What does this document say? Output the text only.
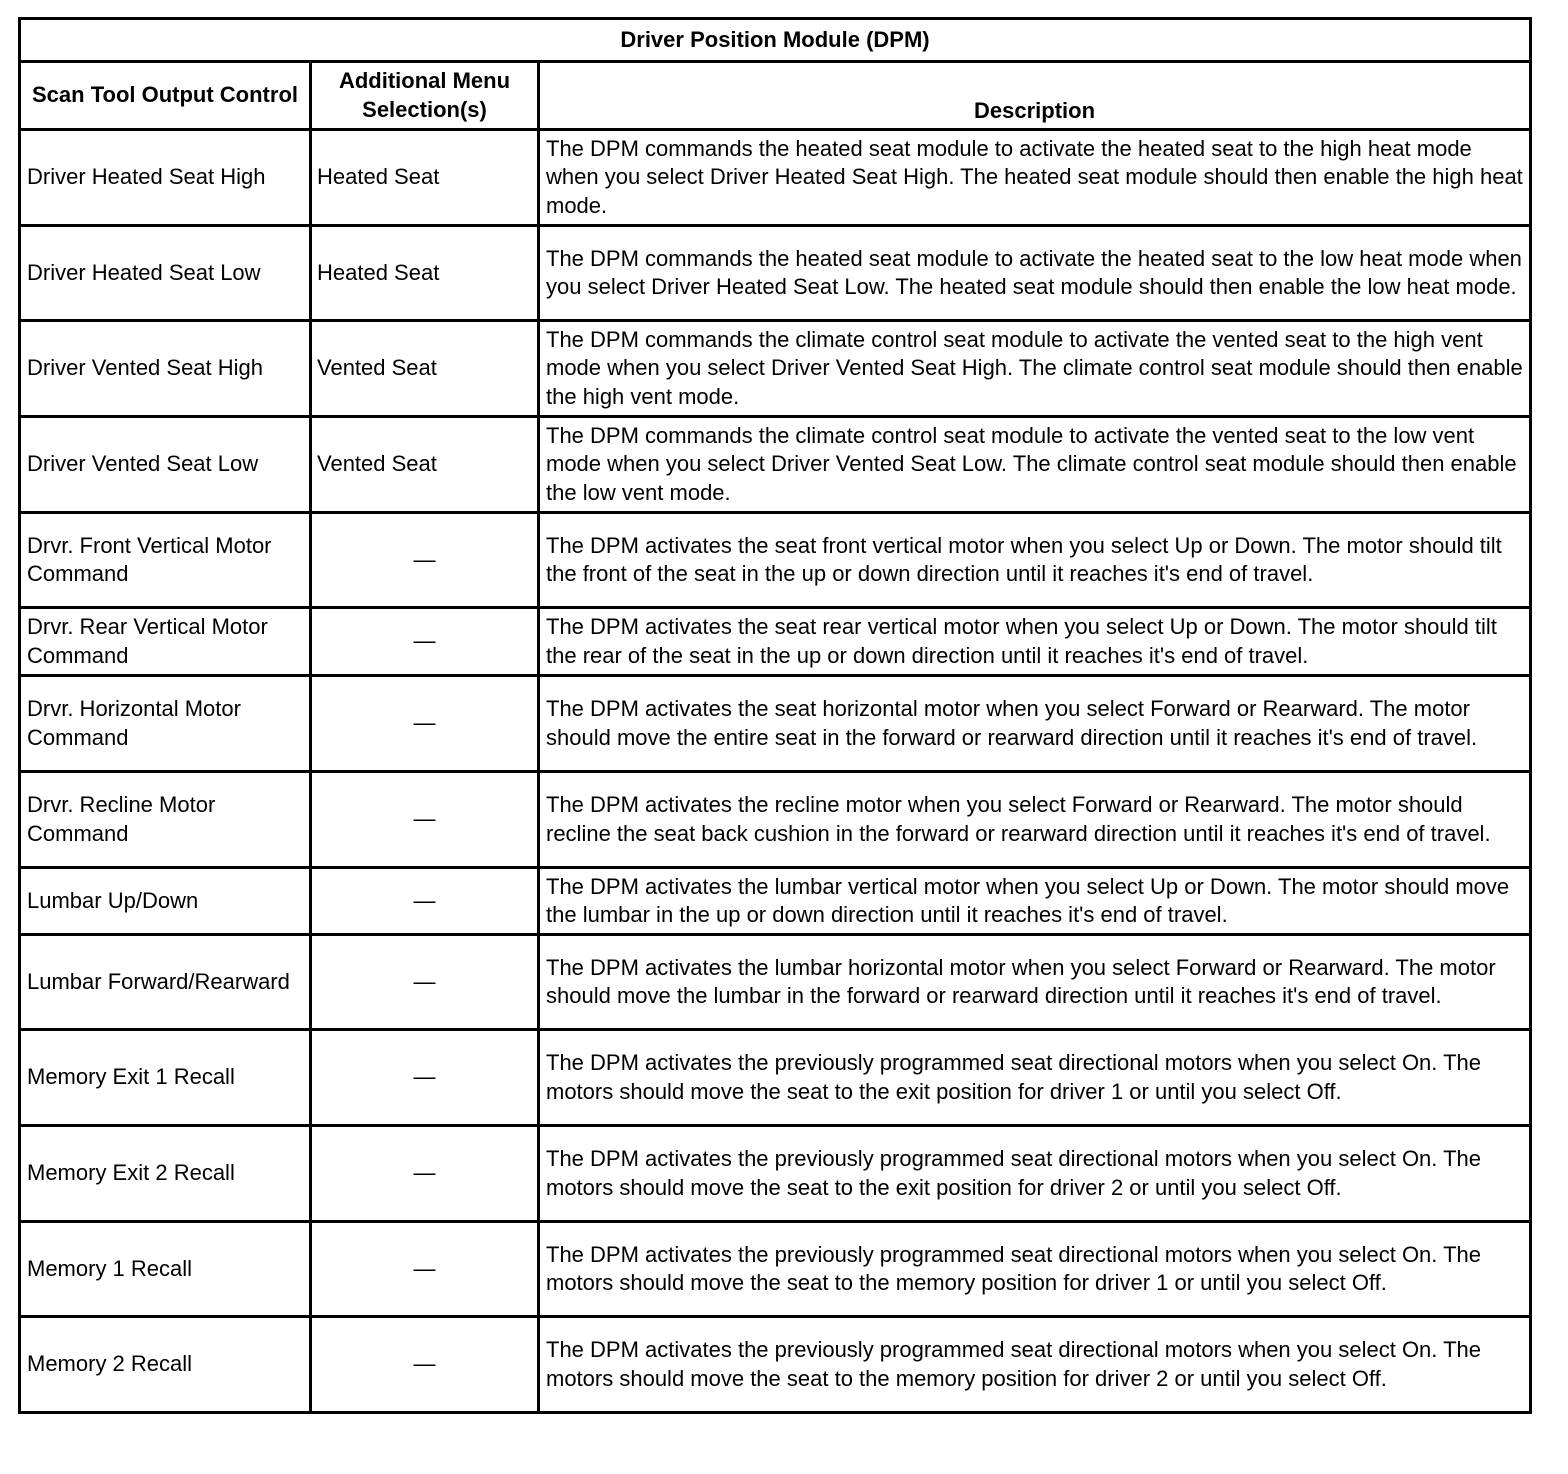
Driver Position Module (DPM)		
Scan Tool Output Control	Additional Menu Selection(s)	Description
Driver Heated Seat High	Heated Seat	The DPM commands the heated seat module to activate the heated seat to the high heat mode when you select Driver Heated Seat High. The heated seat module should then enable the high heat mode.
Driver Heated Seat Low	Heated Seat	The DPM commands the heated seat module to activate the heated seat to the low heat mode when you select Driver Heated Seat Low. The heated seat module should then enable the low heat mode.
Driver Vented Seat High	Vented Seat	The DPM commands the climate control seat module to activate the vented seat to the high vent mode when you select Driver Vented Seat High. The climate control seat module should then enable the high vent mode.
Driver Vented Seat Low	Vented Seat	The DPM commands the climate control seat module to activate the vented seat to the low vent mode when you select Driver Vented Seat Low. The climate control seat module should then enable the low vent mode.
Drvr. Front Vertical Motor Command	—	The DPM activates the seat front vertical motor when you select Up or Down. The motor should tilt the front of the seat in the up or down direction until it reaches it's end of travel.
Drvr. Rear Vertical Motor Command	—	The DPM activates the seat rear vertical motor when you select Up or Down. The motor should tilt the rear of the seat in the up or down direction until it reaches it's end of travel.
Drvr. Horizontal Motor Command	—	The DPM activates the seat horizontal motor when you select Forward or Rearward. The motor should move the entire seat in the forward or rearward direction until it reaches it's end of travel.
Drvr. Recline Motor Command	—	The DPM activates the recline motor when you select Forward or Rearward. The motor should recline the seat back cushion in the forward or rearward direction until it reaches it's end of travel.
Lumbar Up/Down	—	The DPM activates the lumbar vertical motor when you select Up or Down. The motor should move the lumbar in the up or down direction until it reaches it's end of travel.
Lumbar Forward/Rearward	—	The DPM activates the lumbar horizontal motor when you select Forward or Rearward. The motor should move the lumbar in the forward or rearward direction until it reaches it's end of travel.
Memory Exit 1 Recall	—	The DPM activates the previously programmed seat directional motors when you select On. The motors should move the seat to the exit position for driver 1 or until you select Off.
Memory Exit 2 Recall	—	The DPM activates the previously programmed seat directional motors when you select On. The motors should move the seat to the exit position for driver 2 or until you select Off.
Memory 1 Recall	—	The DPM activates the previously programmed seat directional motors when you select On. The motors should move the seat to the memory position for driver 1 or until you select Off.
Memory 2 Recall	—	The DPM activates the previously programmed seat directional motors when you select On. The motors should move the seat to the memory position for driver 2 or until you select Off.
